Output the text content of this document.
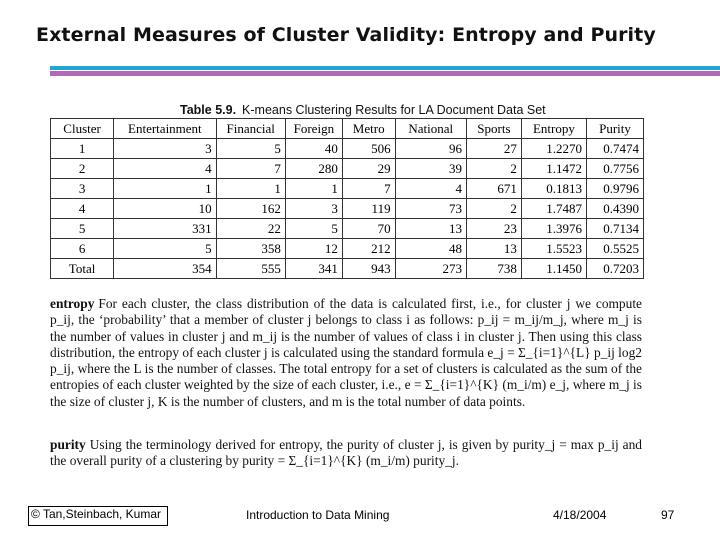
External Measures of Cluster Validity: Entropy and Purity
Table 5.9. K-means Clustering Results for LA Document Data Set
Cluster	Entertainment	Financial	Foreign	Metro	National	Sports	Entropy	Purity
1	3	5	40	506	96	27	1.2270	0.7474
2	4	7	280	29	39	2	1.1472	0.7756
3	1	1	1	7	4	671	0.1813	0.9796
4	10	162	3	119	73	2	1.7487	0.4390
5	331	22	5	70	13	23	1.3976	0.7134
6	5	358	12	212	48	13	1.5523	0.5525
Total	354	555	341	943	273	738	1.1450	0.7203
entropy For each cluster, the class distribution of the data is calculated first, i.e., for cluster j we compute p_ij, the ‘probability’ that a member of cluster j belongs to class i as follows: p_ij = m_ij/m_j, where m_j is the number of values in cluster j and m_ij is the number of values of class i in cluster j. Then using this class distribution, the entropy of each cluster j is calculated using the standard formula e_j = Σ_{i=1}^{L} p_ij log2 p_ij, where the L is the number of classes. The total entropy for a set of clusters is calculated as the sum of the entropies of each cluster weighted by the size of each cluster, i.e., e = Σ_{i=1}^{K} (m_i/m) e_j, where m_j is the size of cluster j, K is the number of clusters, and m is the total number of data points.
purity Using the terminology derived for entropy, the purity of cluster j, is given by purity_j = max p_ij and the overall purity of a clustering by purity = Σ_{i=1}^{K} (m_i/m) purity_j.
© Tan,Steinbach, Kumar	Introduction to Data Mining	4/18/2004	97
